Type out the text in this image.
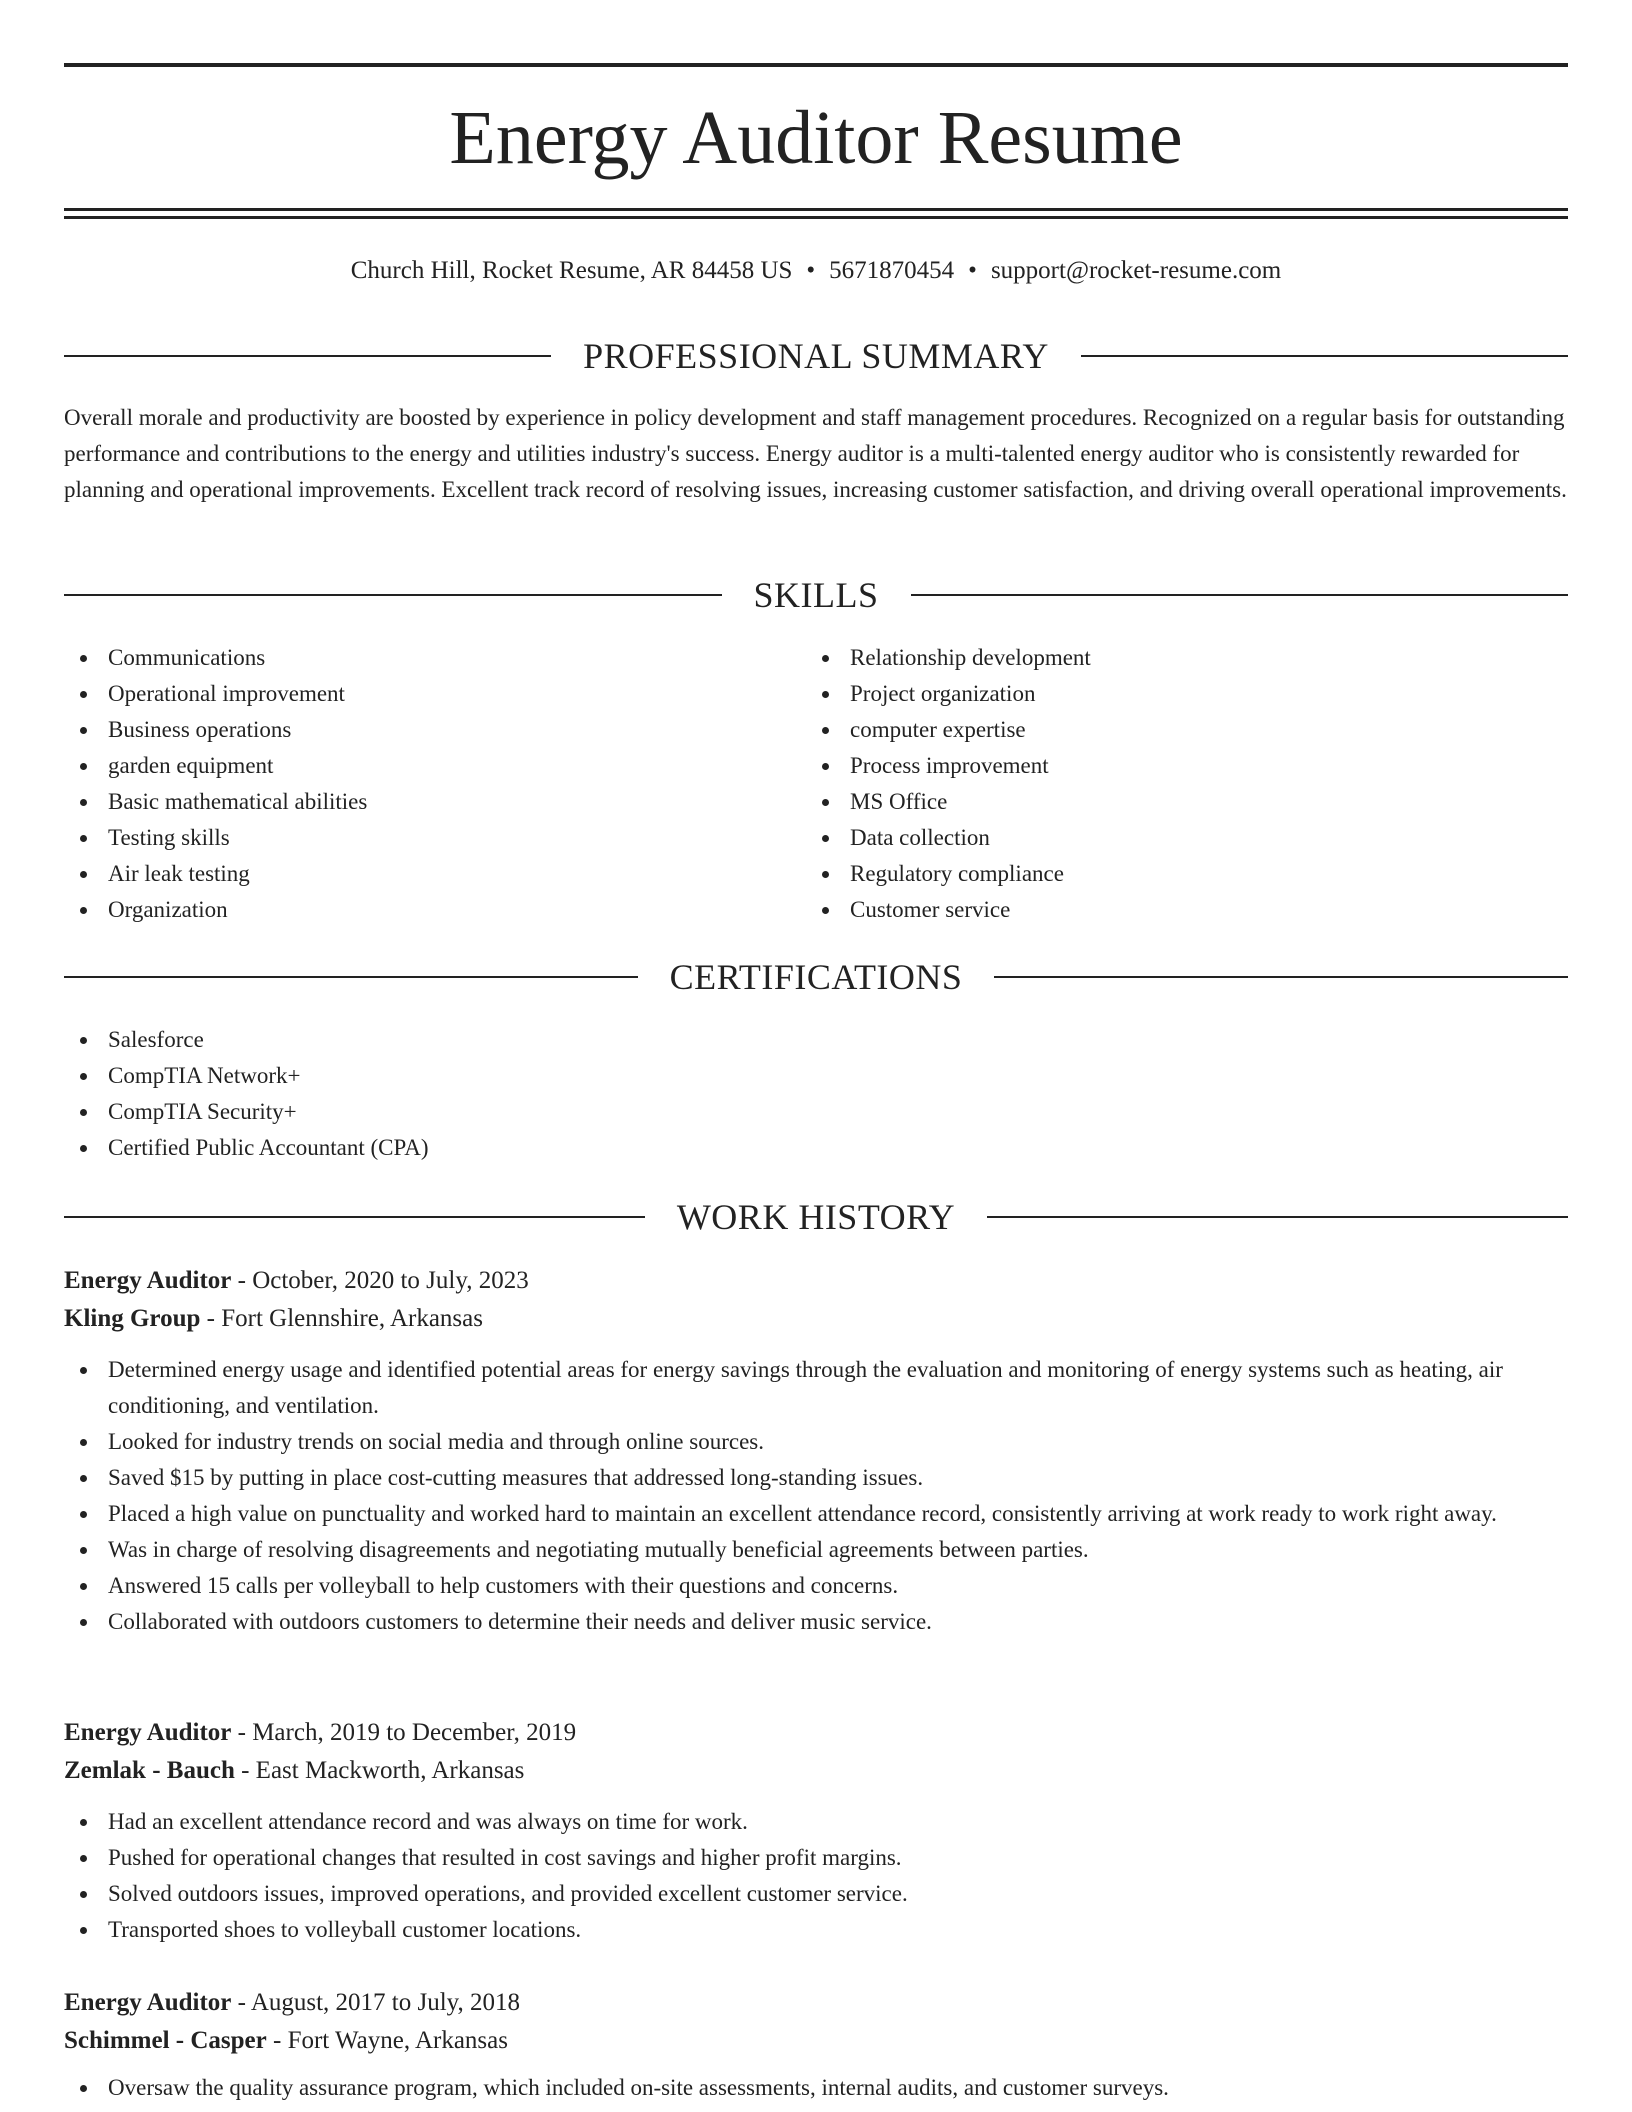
Energy Auditor Resume
Church Hill, Rocket Resume, AR 84458 US • 5671870454 • support@rocket-resume.com
PROFESSIONAL SUMMARY

Overall morale and productivity are boosted by experience in policy development and staff management procedures. Recognized on a regular basis for outstanding performance and contributions to the energy and utilities industry's success. Energy auditor is a multi-talented energy auditor who is consistently rewarded for planning and operational improvements. Excellent track record of resolving issues, increasing customer satisfaction, and driving overall operational improvements.

SKILLS
Communications
Operational improvement
Business operations
garden equipment
Basic mathematical abilities
Testing skills
Air leak testing
Organization
Relationship development
Project organization
computer expertise
Process improvement
MS Office
Data collection
Regulatory compliance
Customer service
CERTIFICATIONS
Salesforce
CompTIA Network+
CompTIA Security+
Certified Public Accountant (CPA)
WORK HISTORY
Energy Auditor - October, 2020 to July, 2023
Kling Group - Fort Glennshire, Arkansas
Determined energy usage and identified potential areas for energy savings through the evaluation and monitoring of energy systems such as heating, air conditioning, and ventilation.
Looked for industry trends on social media and through online sources.
Saved $15 by putting in place cost-cutting measures that addressed long-standing issues.
Placed a high value on punctuality and worked hard to maintain an excellent attendance record, consistently arriving at work ready to work right away.
Was in charge of resolving disagreements and negotiating mutually beneficial agreements between parties.
Answered 15 calls per volleyball to help customers with their questions and concerns.
Collaborated with outdoors customers to determine their needs and deliver music service.
Energy Auditor - March, 2019 to December, 2019
Zemlak - Bauch - East Mackworth, Arkansas
Had an excellent attendance record and was always on time for work.
Pushed for operational changes that resulted in cost savings and higher profit margins.
Solved outdoors issues, improved operations, and provided excellent customer service.
Transported shoes to volleyball customer locations.
Energy Auditor - August, 2017 to July, 2018
Schimmel - Casper - Fort Wayne, Arkansas
Oversaw the quality assurance program, which included on-site assessments, internal audits, and customer surveys.
